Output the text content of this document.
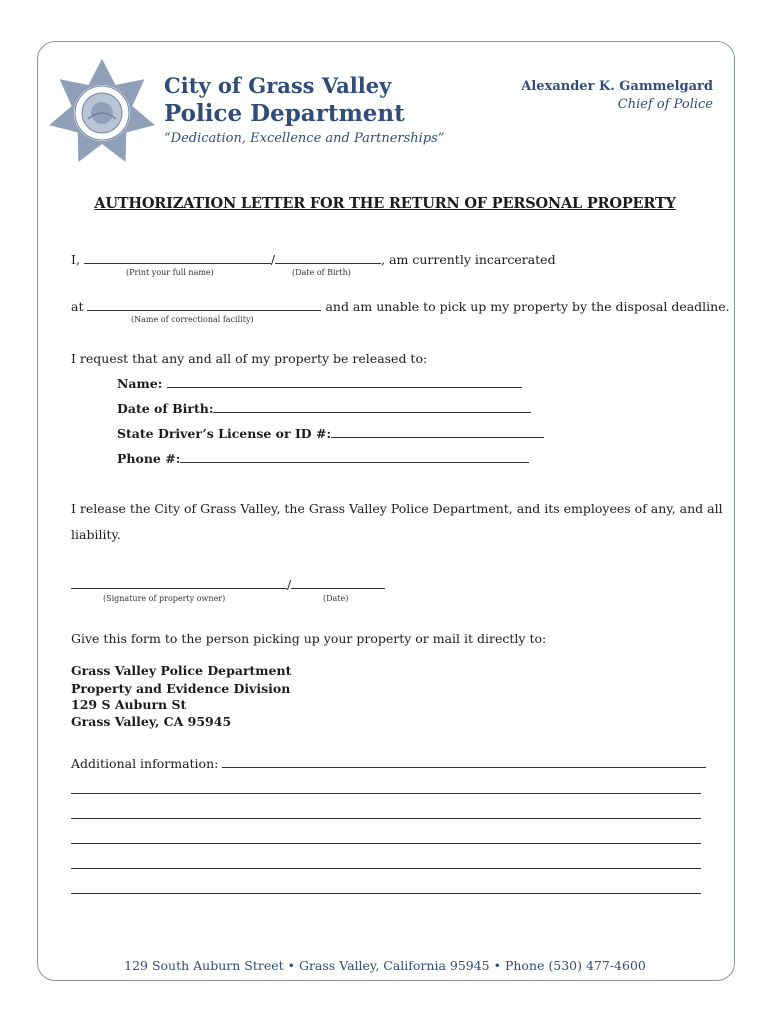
City of Grass Valley
Police Department
“Dedication, Excellence and Partnerships”
Alexander K. Gammelgard
Chief of Police
AUTHORIZATION LETTER FOR THE RETURN OF PERSONAL PROPERTY
I,	/	, am currently incarcerated
(Print your full name)	(Date of Birth)
at	and am unable to pick up my property by the disposal deadline.
(Name of correctional facility)
I request that any and all of my property be released to:
Name:
Date of Birth:
State Driver’s License or ID #:
Phone #:
I release the City of Grass Valley, the Grass Valley Police Department, and its employees of any, and all
liability.
/
(Signature of property owner)	(Date)
Give this form to the person picking up your property or mail it directly to:
Grass Valley Police Department
Property and Evidence Division
129 S Auburn St
Grass Valley, CA 95945
Additional information:
129 South Auburn Street • Grass Valley, California 95945 • Phone (530) 477-4600
